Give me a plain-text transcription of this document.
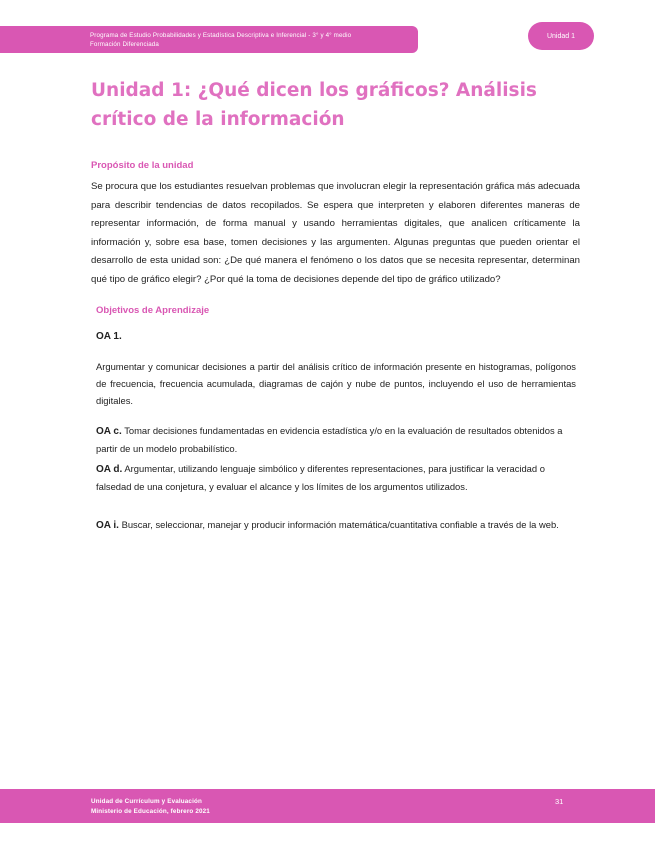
Programa de Estudio Probabilidades y Estadística Descriptiva e Inferencial - 3° y 4° medio
Formación Diferenciada
Unidad 1
Unidad 1: ¿Qué dicen los gráficos? Análisis crítico de la información
Propósito de la unidad

Se procura que los estudiantes resuelvan problemas que involucran elegir la representación gráfica más adecuada para describir tendencias de datos recopilados. Se espera que interpreten y elaboren diferentes maneras de representar información, de forma manual y usando herramientas digitales, que analicen críticamente la información y, sobre esa base, tomen decisiones y las argumenten. Algunas preguntas que pueden orientar el desarrollo de esta unidad son: ¿De qué manera el fenómeno o los datos que se necesita representar, determinan qué tipo de gráfico elegir? ¿Por qué la toma de decisiones depende del tipo de gráfico utilizado?

Objetivos de Aprendizaje
OA 1.

Argumentar y comunicar decisiones a partir del análisis crítico de información presente en histogramas, polígonos de frecuencia, frecuencia acumulada, diagramas de cajón y nube de puntos, incluyendo el uso de herramientas digitales.

OA c. Tomar decisiones fundamentadas en evidencia estadística y/o en la evaluación de resultados obtenidos a partir de un modelo probabilístico.

OA d. Argumentar, utilizando lenguaje simbólico y diferentes representaciones, para justificar la veracidad o falsedad de una conjetura, y evaluar el alcance y los límites de los argumentos utilizados.

OA i. Buscar, seleccionar, manejar y producir información matemática/cuantitativa confiable a través de la web.

Unidad de Currículum y Evaluación
Ministerio de Educación, febrero 2021
31
